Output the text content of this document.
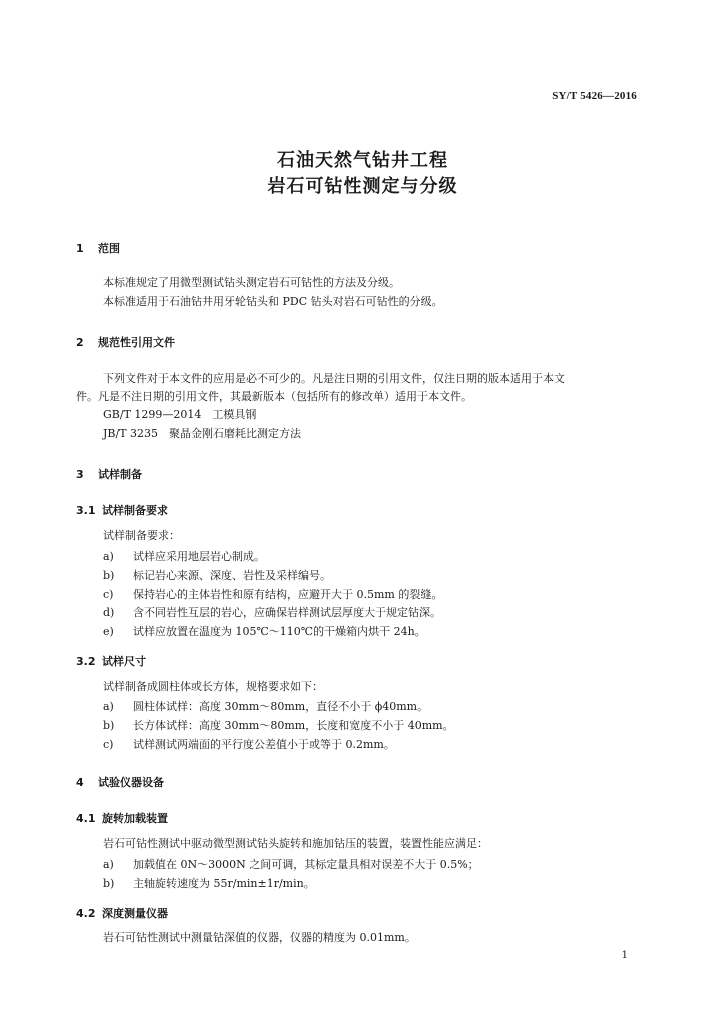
SY/T 5426—2016
石油天然气钻井工程
岩石可钻性测定与分级
1 范围
本标准规定了用微型测试钻头测定岩石可钻性的方法及分级。
本标准适用于石油钻井用牙轮钻头和 PDC 钻头对岩石可钻性的分级。
2 规范性引用文件
下列文件对于本文件的应用是必不可少的。凡是注日期的引用文件，仅注日期的版本适用于本文
件。凡是不注日期的引用文件，其最新版本（包括所有的修改单）适用于本文件。
GB/T 1299—2014　工模具钢
JB/T 3235　聚晶金刚石磨耗比测定方法
3 试样制备
3.1 试样制备要求
试样制备要求：
a) 试样应采用地层岩心制成。
b) 标记岩心来源、深度、岩性及采样编号。
c) 保持岩心的主体岩性和原有结构，应避开大于 0.5mm 的裂缝。
d) 含不同岩性互层的岩心，应确保岩样测试层厚度大于规定钻深。
e) 试样应放置在温度为 105℃～110℃的干燥箱内烘干 24h。
3.2 试样尺寸
试样制备成圆柱体或长方体，规格要求如下：
a) 圆柱体试样：高度 30mm～80mm，直径不小于 ϕ40mm。
b) 长方体试样：高度 30mm～80mm，长度和宽度不小于 40mm。
c) 试样测试两端面的平行度公差值小于或等于 0.2mm。
4 试验仪器设备
4.1 旋转加载装置
岩石可钻性测试中驱动微型测试钻头旋转和施加钻压的装置，装置性能应满足：
a) 加载值在 0N～3000N 之间可调，其标定量具相对误差不大于 0.5%；
b) 主轴旋转速度为 55r/min±1r/min。
4.2 深度测量仪器
岩石可钻性测试中测量钻深值的仪器，仪器的精度为 0.01mm。
1
